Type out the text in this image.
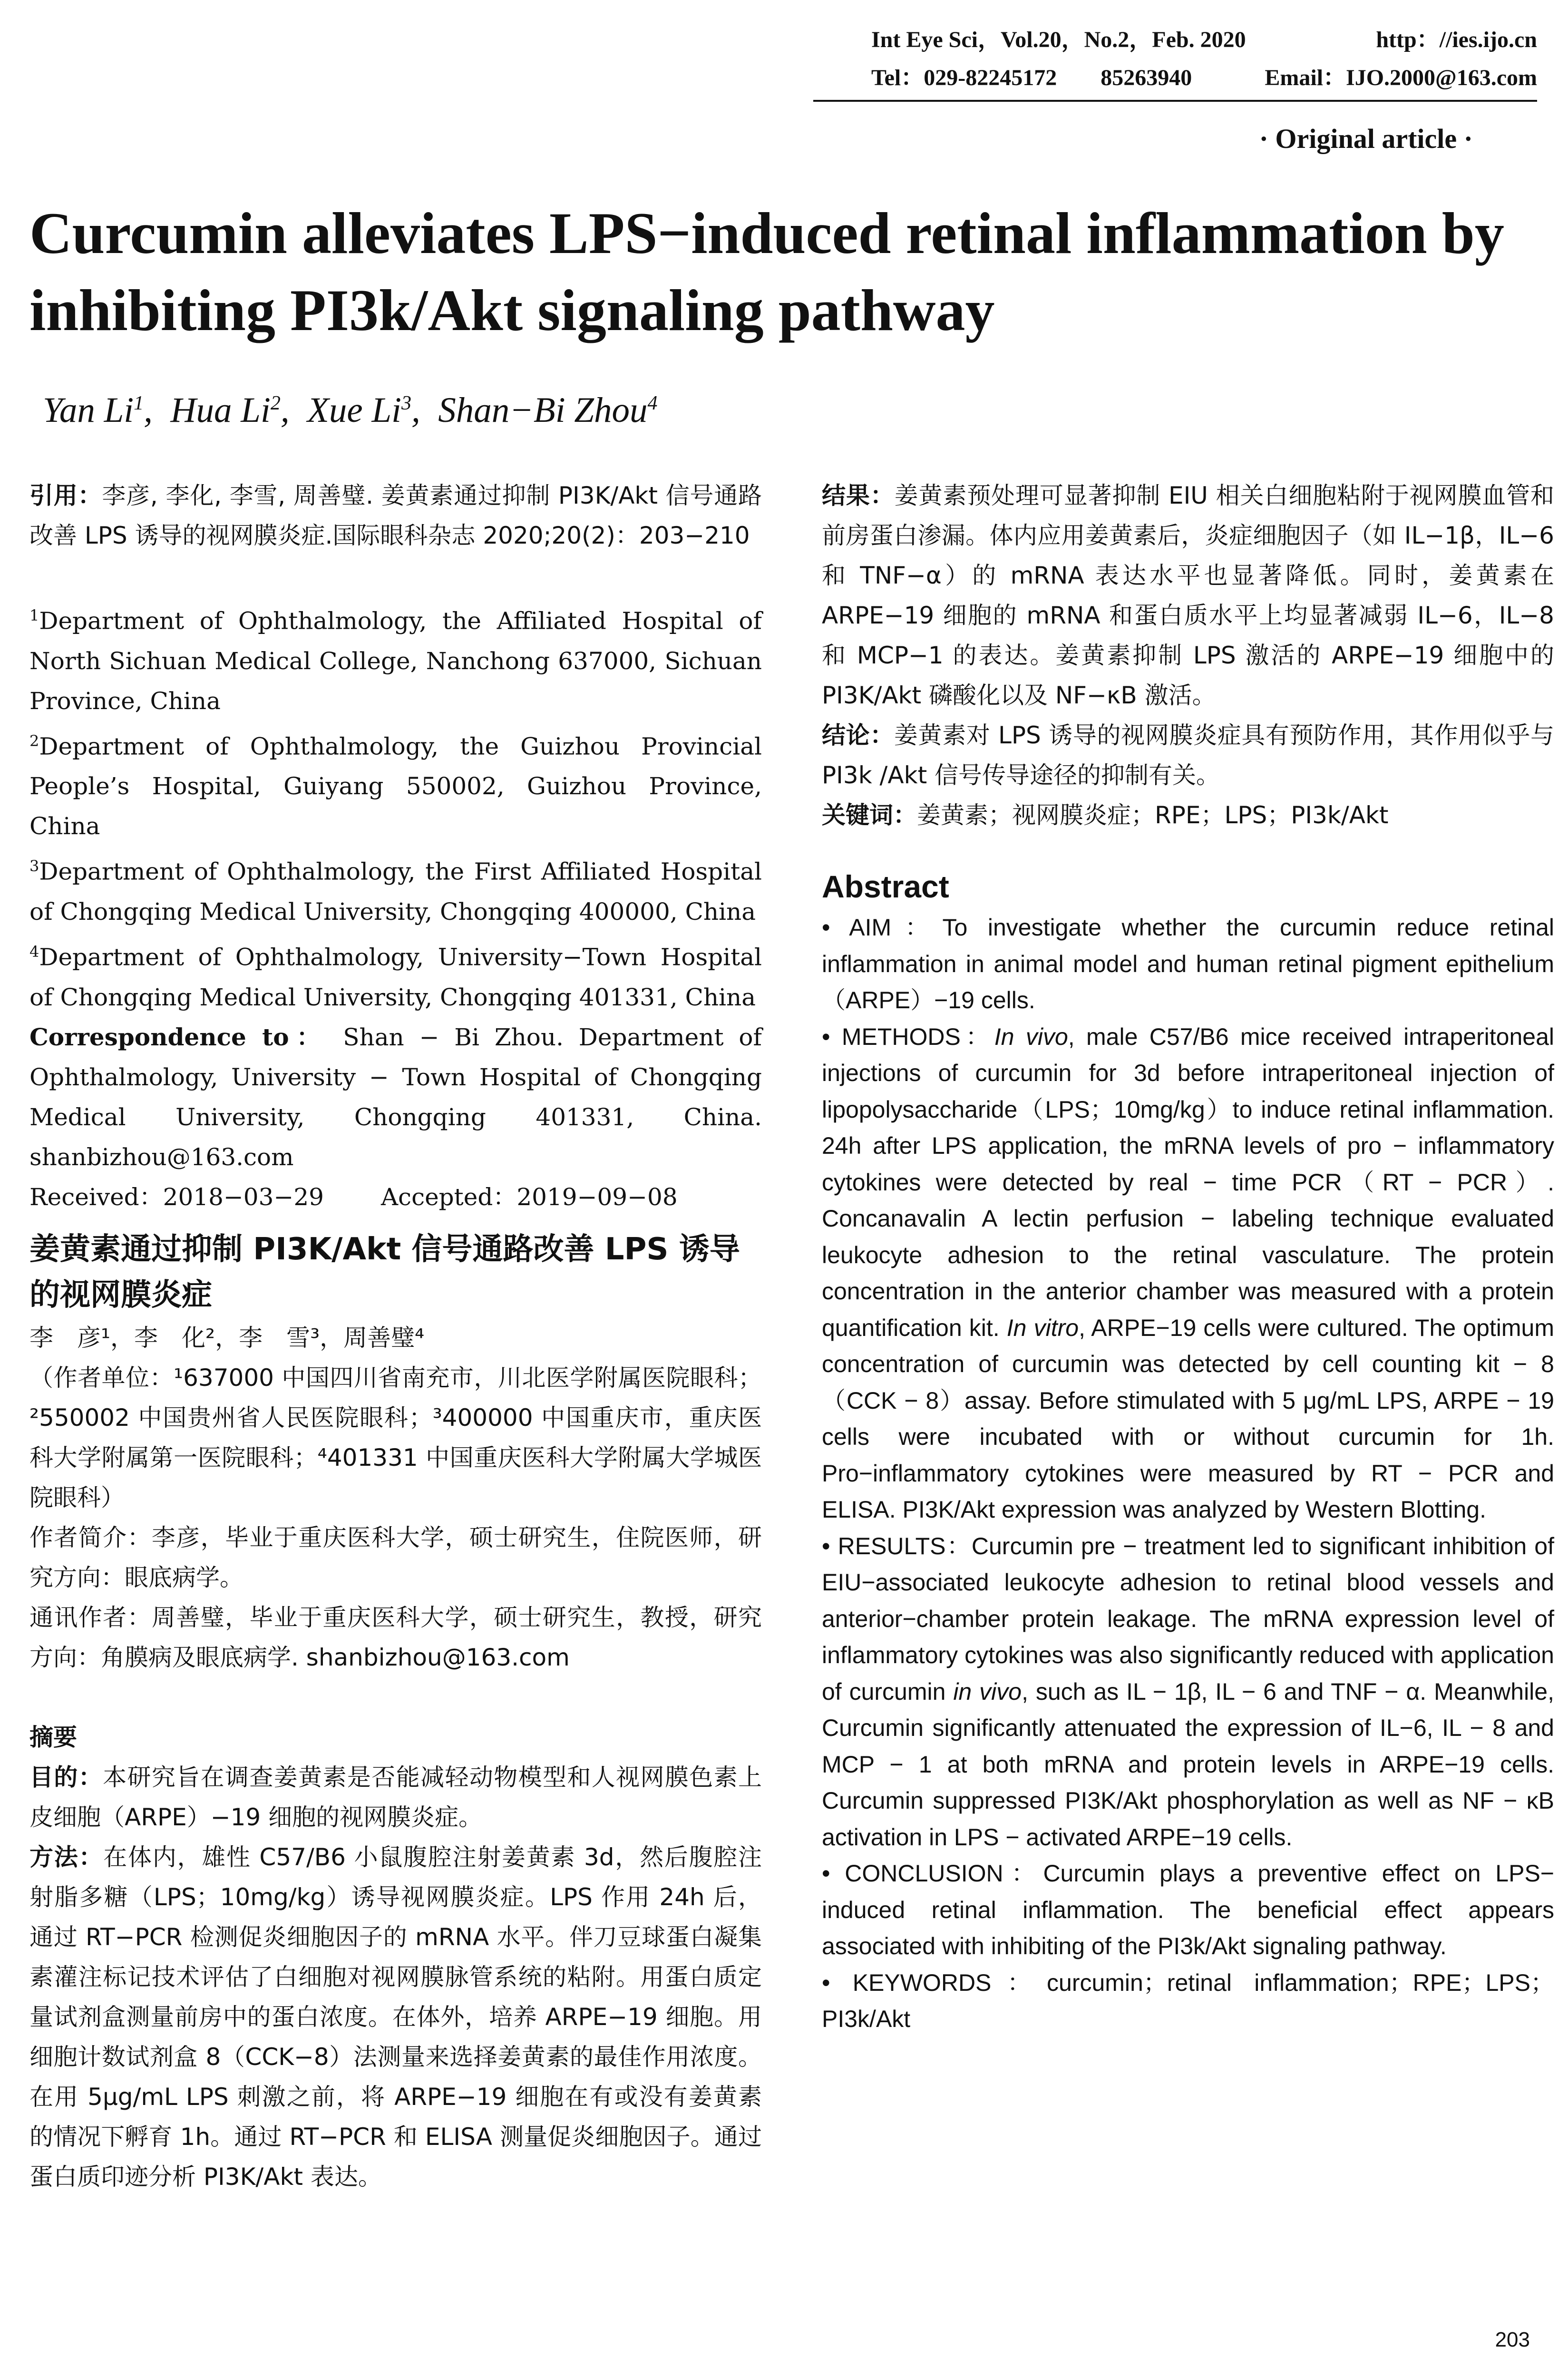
Int Eye Sci，Vol.20，No.2，Feb. 2020	http：//ies.ijo.cn
Tel：029-82245172 85263940	Email：IJO.2000@163.com
· Original article ·
Curcumin alleviates LPS−induced retinal inflammation by inhibiting PI3k/Akt signaling pathway
Yan Li$^1$,  Hua Li$^2$,  Xue Li$^3$,  Shan−Bi Zhou$^4$

引用：李彦, 李化, 李雪, 周善璧. 姜黄素通过抑制 PI3K/Akt 信号通路改善 LPS 诱导的视网膜炎症.国际眼科杂志 2020;20(2)：203−210

$^1$Department of Ophthalmology, the Affiliated Hospital of North Sichuan Medical College, Nanchong 637000, Sichuan Province, China

$^2$Department of Ophthalmology, the Guizhou Provincial People’s Hospital, Guiyang 550002, Guizhou Province, China

$^3$Department of Ophthalmology, the First Affiliated Hospital of Chongqing Medical University, Chongqing 400000, China

$^4$Department of Ophthalmology, University−Town Hospital of Chongqing Medical University, Chongqing 401331, China

Correspondence to： Shan − Bi Zhou. Department of Ophthalmology, University − Town Hospital of Chongqing Medical University, Chongqing 401331, China. shanbizhou@163.com

Received：2018−03−29 Accepted：2019−09−08

姜黄素通过抑制 PI3K/Akt 信号通路改善 LPS 诱导的视网膜炎症

李　彦¹，李　化²，李　雪³，周善璧⁴

（作者单位：¹637000 中国四川省南充市，川北医学附属医院眼科；²550002 中国贵州省人民医院眼科；³400000 中国重庆市，重庆医科大学附属第一医院眼科；⁴401331 中国重庆医科大学附属大学城医院眼科）

作者简介：李彦，毕业于重庆医科大学，硕士研究生，住院医师，研究方向：眼底病学。

通讯作者：周善璧，毕业于重庆医科大学，硕士研究生，教授，研究方向：角膜病及眼底病学. shanbizhou@163.com

摘要

目的：本研究旨在调查姜黄素是否能减轻动物模型和人视网膜色素上皮细胞（ARPE）−19 细胞的视网膜炎症。

方法：在体内，雄性 C57/B6 小鼠腹腔注射姜黄素 3d，然后腹腔注射脂多糖（LPS；10mg/kg）诱导视网膜炎症。LPS 作用 24h 后，通过 RT−PCR 检测促炎细胞因子的 mRNA 水平。伴刀豆球蛋白凝集素灌注标记技术评估了白细胞对视网膜脉管系统的粘附。用蛋白质定量试剂盒测量前房中的蛋白浓度。在体外，培养 ARPE−19 细胞。用细胞计数试剂盒 8（CCK−8）法测量来选择姜黄素的最佳作用浓度。在用 5μg/mL LPS 刺激之前，将 ARPE−19 细胞在有或没有姜黄素的情况下孵育 1h。通过 RT−PCR 和 ELISA 测量促炎细胞因子。通过蛋白质印迹分析 PI3K/Akt 表达。

结果：姜黄素预处理可显著抑制 EIU 相关白细胞粘附于视网膜血管和前房蛋白渗漏。体内应用姜黄素后，炎症细胞因子（如 IL−1β，IL−6 和 TNF−α）的 mRNA 表达水平也显著降低。同时，姜黄素在 ARPE−19 细胞的 mRNA 和蛋白质水平上均显著减弱 IL−6，IL−8 和 MCP−1 的表达。姜黄素抑制 LPS 激活的 ARPE−19 细胞中的 PI3K/Akt 磷酸化以及 NF−κB 激活。

结论：姜黄素对 LPS 诱导的视网膜炎症具有预防作用，其作用似乎与 PI3k /Akt 信号传导途径的抑制有关。

关键词：姜黄素；视网膜炎症；RPE；LPS；PI3k/Akt

Abstract

• AIM：To investigate whether the curcumin reduce retinal inflammation in animal model and human retinal pigment epithelium（ARPE）−19 cells.

• METHODS：In vivo, male C57/B6 mice received intraperitoneal injections of curcumin for 3d before intraperitoneal injection of lipopolysaccharide（LPS；10mg/kg）to induce retinal inflammation. 24h after LPS application, the mRNA levels of pro − inflammatory cytokines were detected by real − time PCR（RT − PCR）. Concanavalin A lectin perfusion − labeling technique evaluated leukocyte adhesion to the retinal vasculature. The protein concentration in the anterior chamber was measured with a protein quantification kit. In vitro, ARPE−19 cells were cultured. The optimum concentration of curcumin was detected by cell counting kit − 8（CCK − 8）assay. Before stimulated with 5 μg/mL LPS, ARPE − 19 cells were incubated with or without curcumin for 1h. Pro−inflammatory cytokines were measured by RT − PCR and ELISA. PI3K/Akt expression was analyzed by Western Blotting.

• RESULTS：Curcumin pre − treatment led to significant inhibition of EIU−associated leukocyte adhesion to retinal blood vessels and anterior−chamber protein leakage. The mRNA expression level of inflammatory cytokines was also significantly reduced with application of curcumin in vivo, such as IL − 1β, IL − 6 and TNF − α. Meanwhile, Curcumin significantly attenuated the expression of IL−6, IL − 8 and MCP − 1 at both mRNA and protein levels in ARPE−19 cells. Curcumin suppressed PI3K/Akt phosphorylation as well as NF − κB activation in LPS − activated ARPE−19 cells.

• CONCLUSION：Curcumin plays a preventive effect on LPS− induced retinal inflammation. The beneficial effect appears associated with inhibiting of the PI3k/Akt signaling pathway.

• KEYWORDS：curcumin；retinal inflammation；RPE；LPS；PI3k/Akt

203
